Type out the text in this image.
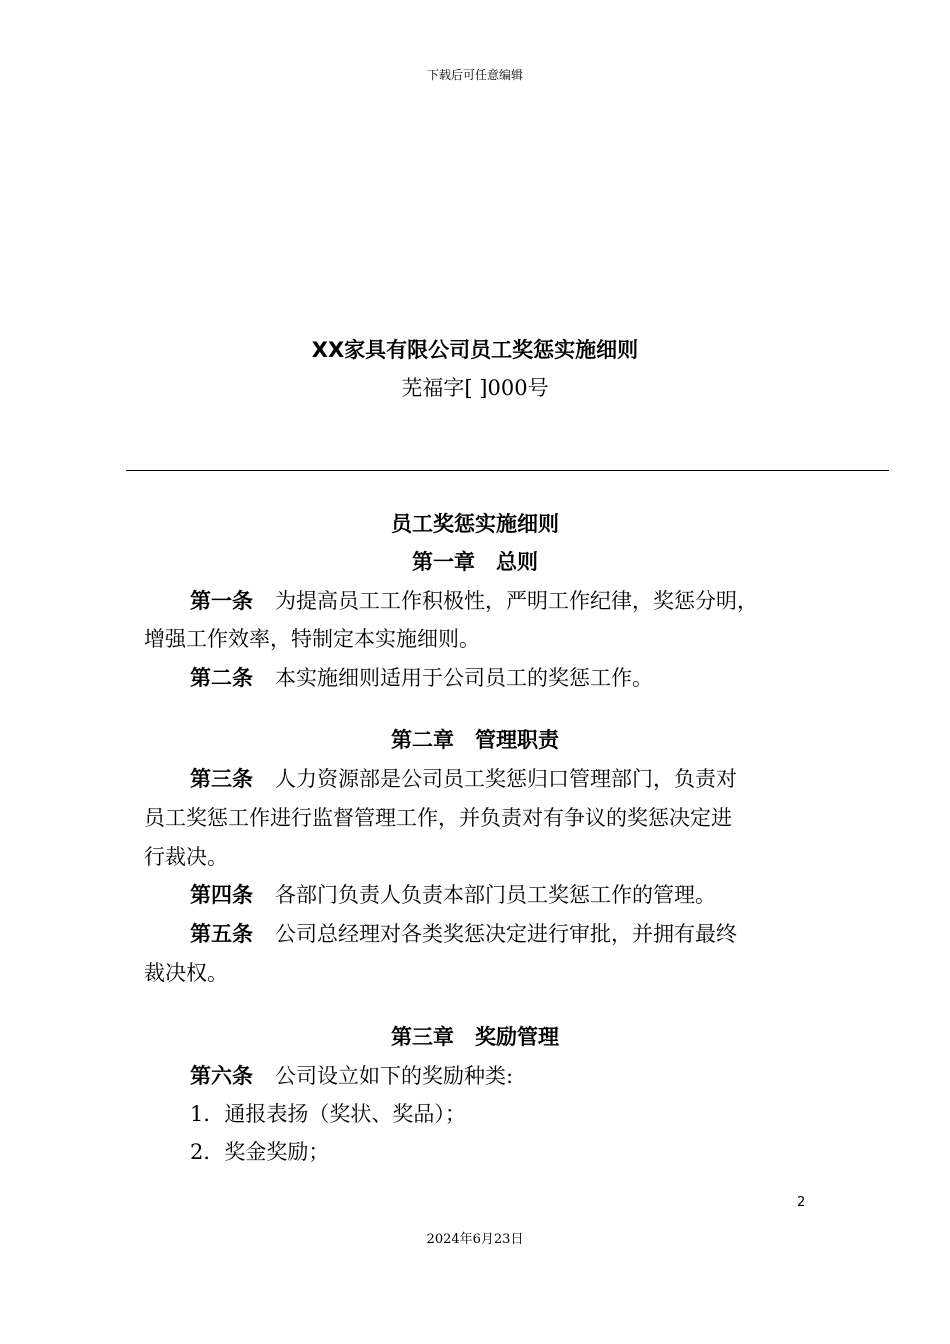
下载后可任意编辑
XX家具有限公司员工奖惩实施细则
芜福字[ ]000号
员工奖惩实施细则
第一章　总则
第一条 为提高员工工作积极性，严明工作纪律，奖惩分明，
增强工作效率，特制定本实施细则。
第二条 本实施细则适用于公司员工的奖惩工作。
第二章　管理职责
第三条 人力资源部是公司员工奖惩归口管理部门，负责对
员工奖惩工作进行监督管理工作，并负责对有争议的奖惩决定进
行裁决。
第四条 各部门负责人负责本部门员工奖惩工作的管理。
第五条 公司总经理对各类奖惩决定进行审批，并拥有最终
裁决权。
第三章　奖励管理
第六条 公司设立如下的奖励种类:
1．通报表扬（奖状、奖品）；
2．奖金奖励；
2
2024年6月23日
